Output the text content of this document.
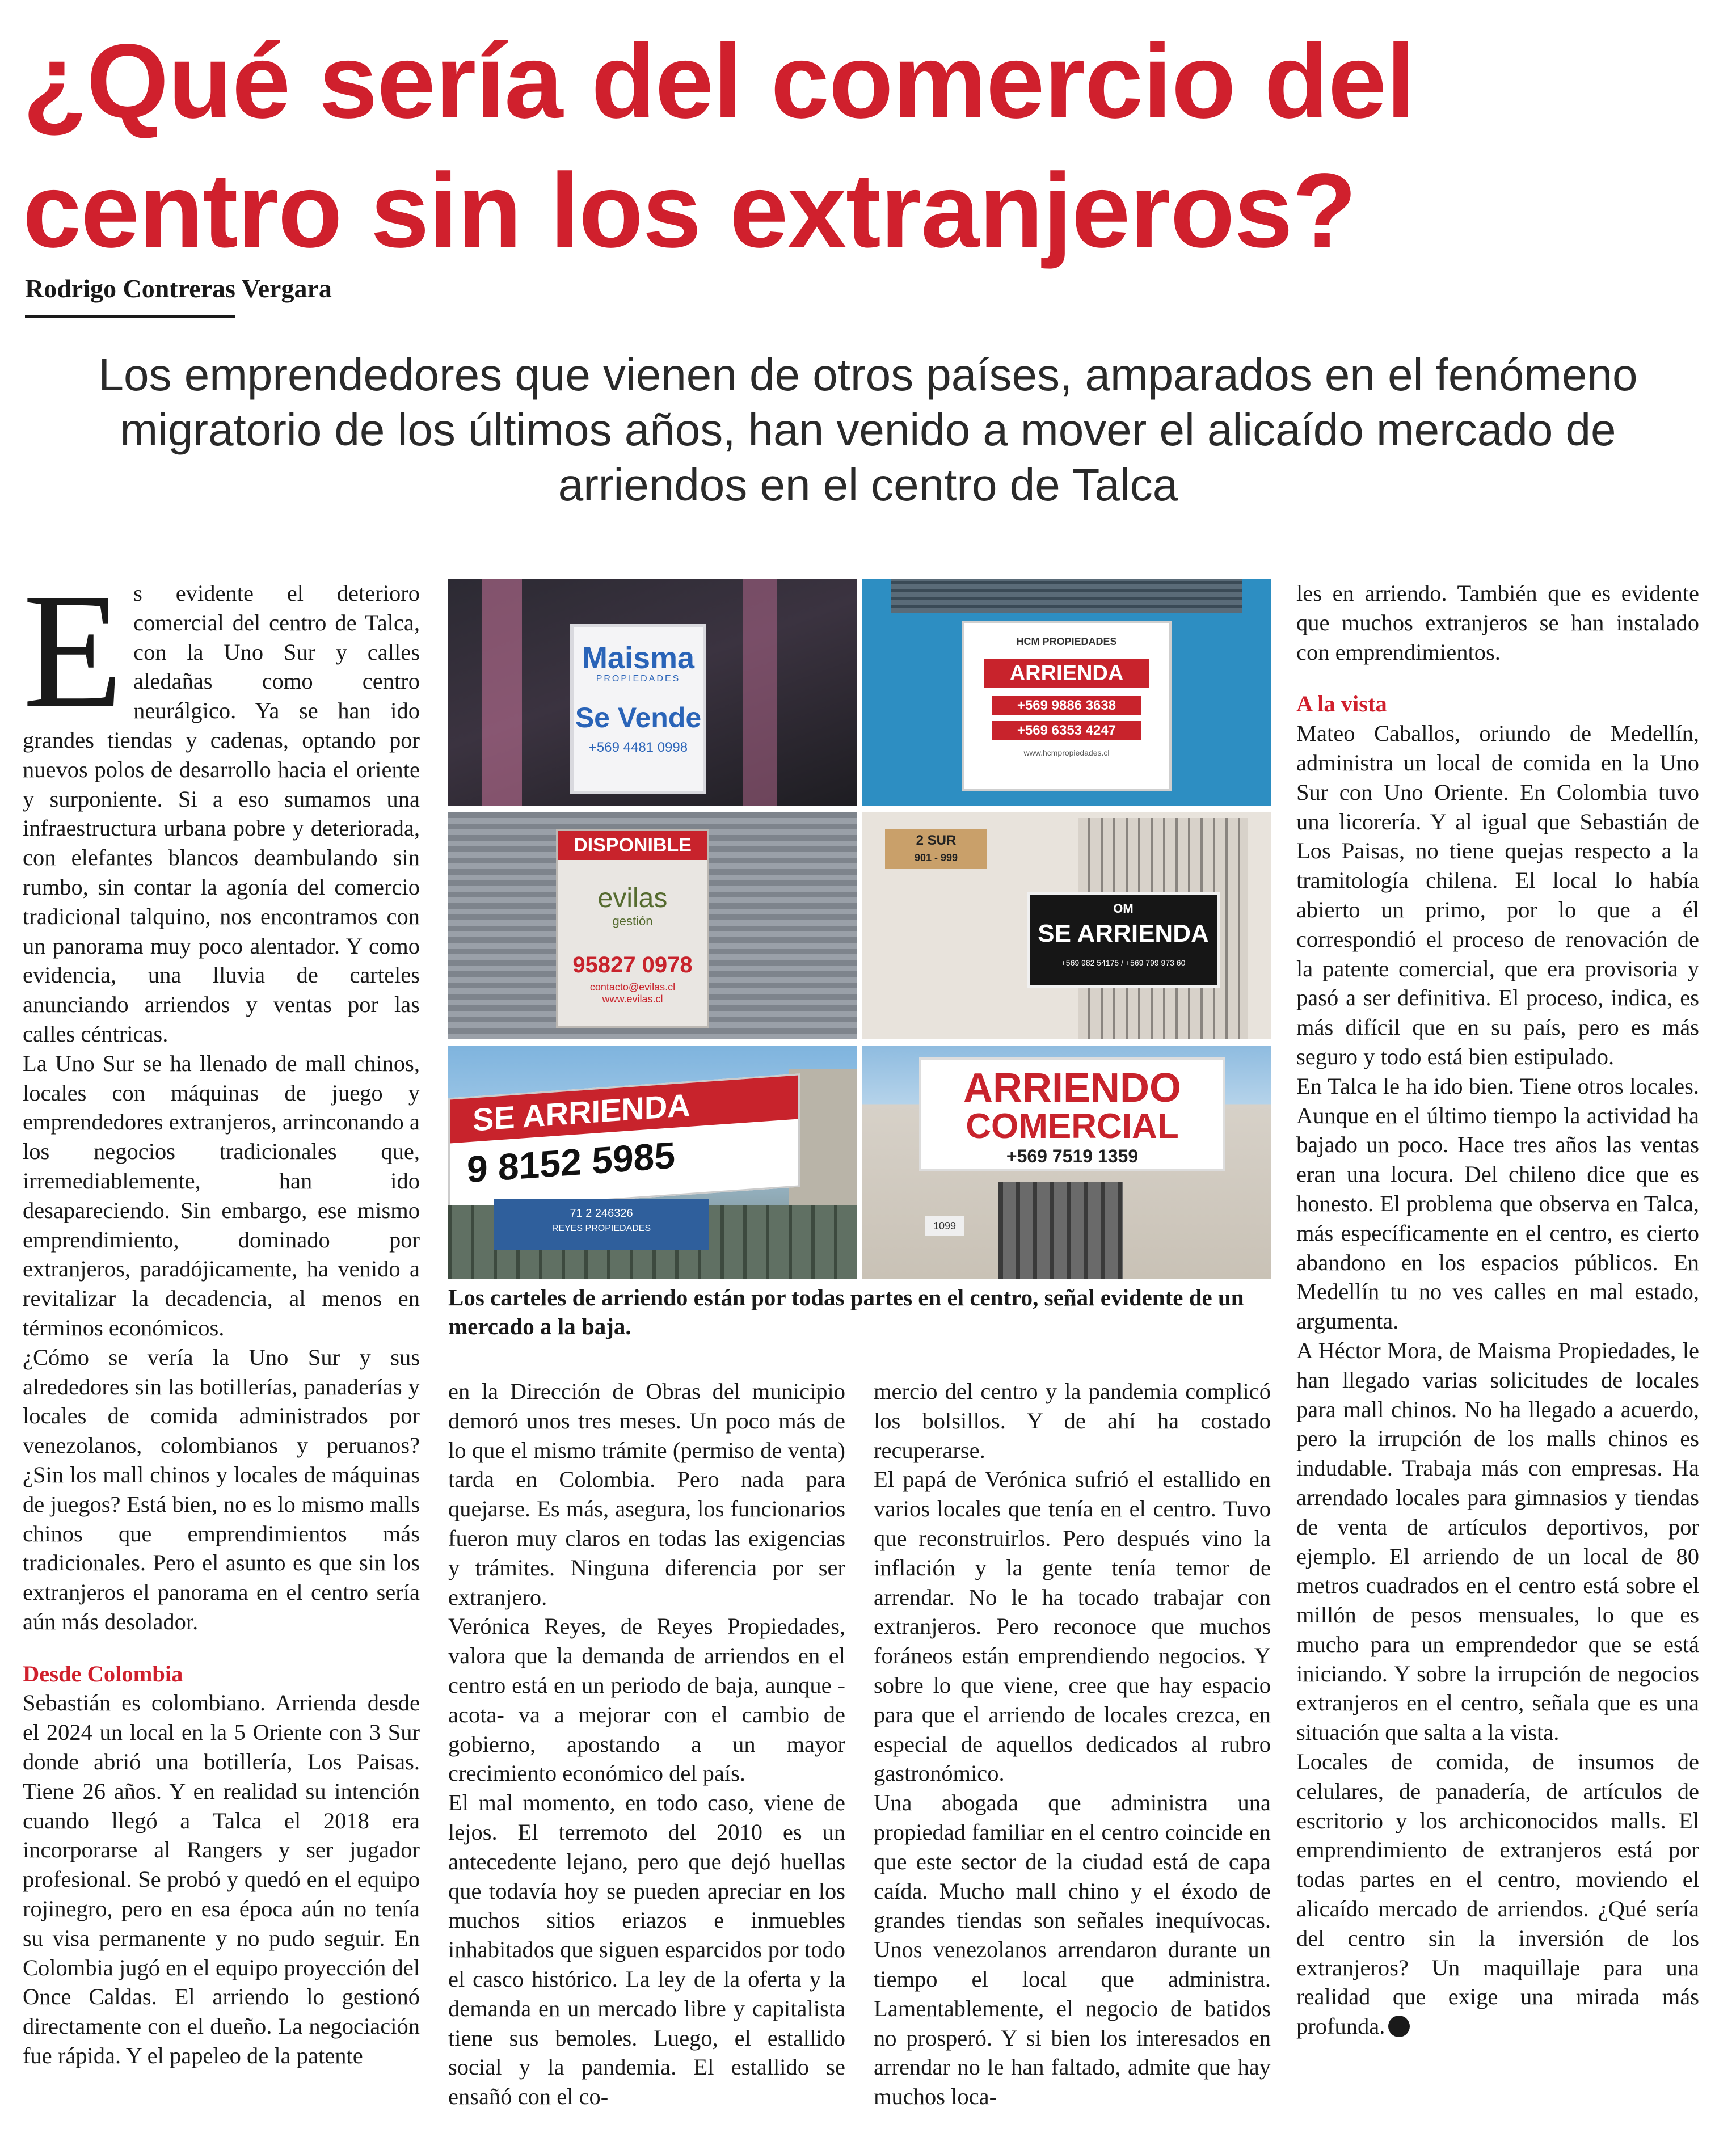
¿Qué sería del comercio del centro sin los extranjeros?

Rodrigo Contreras Vergara

Los emprendedores que vienen de otros países, amparados en el fenómeno migratorio de los últimos años, han venido a mover el alicaído mercado de arriendos en el centro de Talca

E s evidente el deterioro comercial del centro de Talca, con la Uno Sur y calles aledañas como centro neurálgico. Ya se han ido grandes tiendas y cadenas, optando por nuevos polos de desarrollo hacia el oriente y surponiente. Si a eso sumamos una infraestructura urbana pobre y deteriorada, con elefantes blancos deambulando sin rumbo, sin contar la agonía del comercio tradicional talquino, nos encontramos con un panorama muy poco alentador. Y como evidencia, una lluvia de carteles anunciando arriendos y ventas por las calles céntricas.

La Uno Sur se ha llenado de mall chinos, locales con máquinas de juego y emprendedores extranjeros, arrinconando a los negocios tradicionales que, irremediablemente, han ido desapareciendo. Sin embargo, ese mismo emprendimiento, dominado por extranjeros, paradójicamente, ha venido a revitalizar la decadencia, al menos en términos económicos.

¿Cómo se vería la Uno Sur y sus alrededores sin las botillerías, panaderías y locales de comida administrados por venezolanos, colombianos y peruanos? ¿Sin los mall chinos y locales de máquinas de juegos? Está bien, no es lo mismo malls chinos que emprendimientos más tradicionales. Pero el asunto es que sin los extranjeros el panorama en el centro sería aún más desolador.

Desde Colombia

Sebastián es colombiano. Arrienda desde el 2024 un local en la 5 Oriente con 3 Sur donde abrió una botillería, Los Paisas. Tiene 26 años. Y en realidad su intención cuando llegó a Talca el 2018 era incorporarse al Rangers y ser jugador profesional. Se probó y quedó en el equipo rojinegro, pero en esa época aún no tenía su visa permanente y no pudo seguir. En Colombia jugó en el equipo proyección del Once Caldas. El arriendo lo gestionó directamente con el dueño. La negociación fue rápida. Y el papeleo de la patente

Maisma
PROPIEDADES
Se Vende
+569 4481 0998
HCM PROPIEDADES
ARRIENDA
+569 9886 3638
+569 6353 4247
www.hcmpropiedades.cl
DISPONIBLE
evilas
gestión
95827 0978
contacto@evilas.cl
www.evilas.cl
2 SUR
901 - 999
OM
SE ARRIENDA
+569 982 54175 / +569 799 973 60
SE ARRIENDA
9 8152 5985
71 2 246326
REYES PROPIEDADES
ARRIENDO
COMERCIAL
+569 7519 1359
1099

Los carteles de arriendo están por todas partes en el centro, señal evidente de un mercado a la baja.

en la Dirección de Obras del municipio demoró unos tres meses. Un poco más de lo que el mismo trámite (permiso de venta) tarda en Colombia. Pero nada para quejarse. Es más, asegura, los funcionarios fueron muy claros en todas las exigencias y trámites. Ninguna diferencia por ser extranjero.

Verónica Reyes, de Reyes Propiedades, valora que la demanda de arriendos en el centro está en un periodo de baja, aunque -acota- va a mejorar con el cambio de gobierno, apostando a un mayor crecimiento económico del país.

El mal momento, en todo caso, viene de lejos. El terremoto del 2010 es un antecedente lejano, pero que dejó huellas que todavía hoy se pueden apreciar en los muchos sitios eriazos e inmuebles inhabitados que siguen esparcidos por todo el casco histórico. La ley de la oferta y la demanda en un mercado libre y capitalista tiene sus bemoles. Luego, el estallido social y la pandemia. El estallido se ensañó con el co-

mercio del centro y la pandemia complicó los bolsillos. Y de ahí ha costado recuperarse.

El papá de Verónica sufrió el estallido en varios locales que tenía en el centro. Tuvo que reconstruirlos. Pero después vino la inflación y la gente tenía temor de arrendar. No le ha tocado trabajar con extranjeros. Pero reconoce que muchos foráneos están emprendiendo negocios. Y sobre lo que viene, cree que hay espacio para que el arriendo de locales crezca, en especial de aquellos dedicados al rubro gastronómico.

Una abogada que administra una propiedad familiar en el centro coincide en que este sector de la ciudad está de capa caída. Mucho mall chino y el éxodo de grandes tiendas son señales inequívocas. Unos venezolanos arrendaron durante un tiempo el local que administra. Lamentablemente, el negocio de batidos no prosperó. Y si bien los interesados en arrendar no le han faltado, admite que hay muchos loca-

les en arriendo. También que es evidente que muchos extranjeros se han instalado con emprendimientos.

A la vista

Mateo Caballos, oriundo de Medellín, administra un local de comida en la Uno Sur con Uno Oriente. En Colombia tuvo una licorería. Y al igual que Sebastián de Los Paisas, no tiene quejas respecto a la tramitología chilena. El local lo había abierto un primo, por lo que a él correspondió el proceso de renovación de la patente comercial, que era provisoria y pasó a ser definitiva. El proceso, indica, es más difícil que en su país, pero es más seguro y todo está bien estipulado.

En Talca le ha ido bien. Tiene otros locales. Aunque en el último tiempo la actividad ha bajado un poco. Hace tres años las ventas eran una locura. Del chileno dice que es honesto. El problema que observa en Talca, más específicamente en el centro, es cierto abandono en los espacios públicos. En Medellín tu no ves calles en mal estado, argumenta.

A Héctor Mora, de Maisma Propiedades, le han llegado varias solicitudes de locales para mall chinos. No ha llegado a acuerdo, pero la irrupción de los malls chinos es indudable. Trabaja más con empresas. Ha arrendado locales para gimnasios y tiendas de venta de artículos deportivos, por ejemplo. El arriendo de un local de 80 metros cuadrados en el centro está sobre el millón de pesos mensuales, lo que es mucho para un emprendedor que se está iniciando. Y sobre la irrupción de negocios extranjeros en el centro, señala que es una situación que salta a la vista.

Locales de comida, de insumos de celulares, de panadería, de artículos de escritorio y los archiconocidos malls. El emprendimiento de extranjeros está por todas partes en el centro, moviendo el alicaído mercado de arriendos. ¿Qué sería del centro sin la inversión de los extranjeros? Un maquillaje para una realidad que exige una mirada más profunda.
